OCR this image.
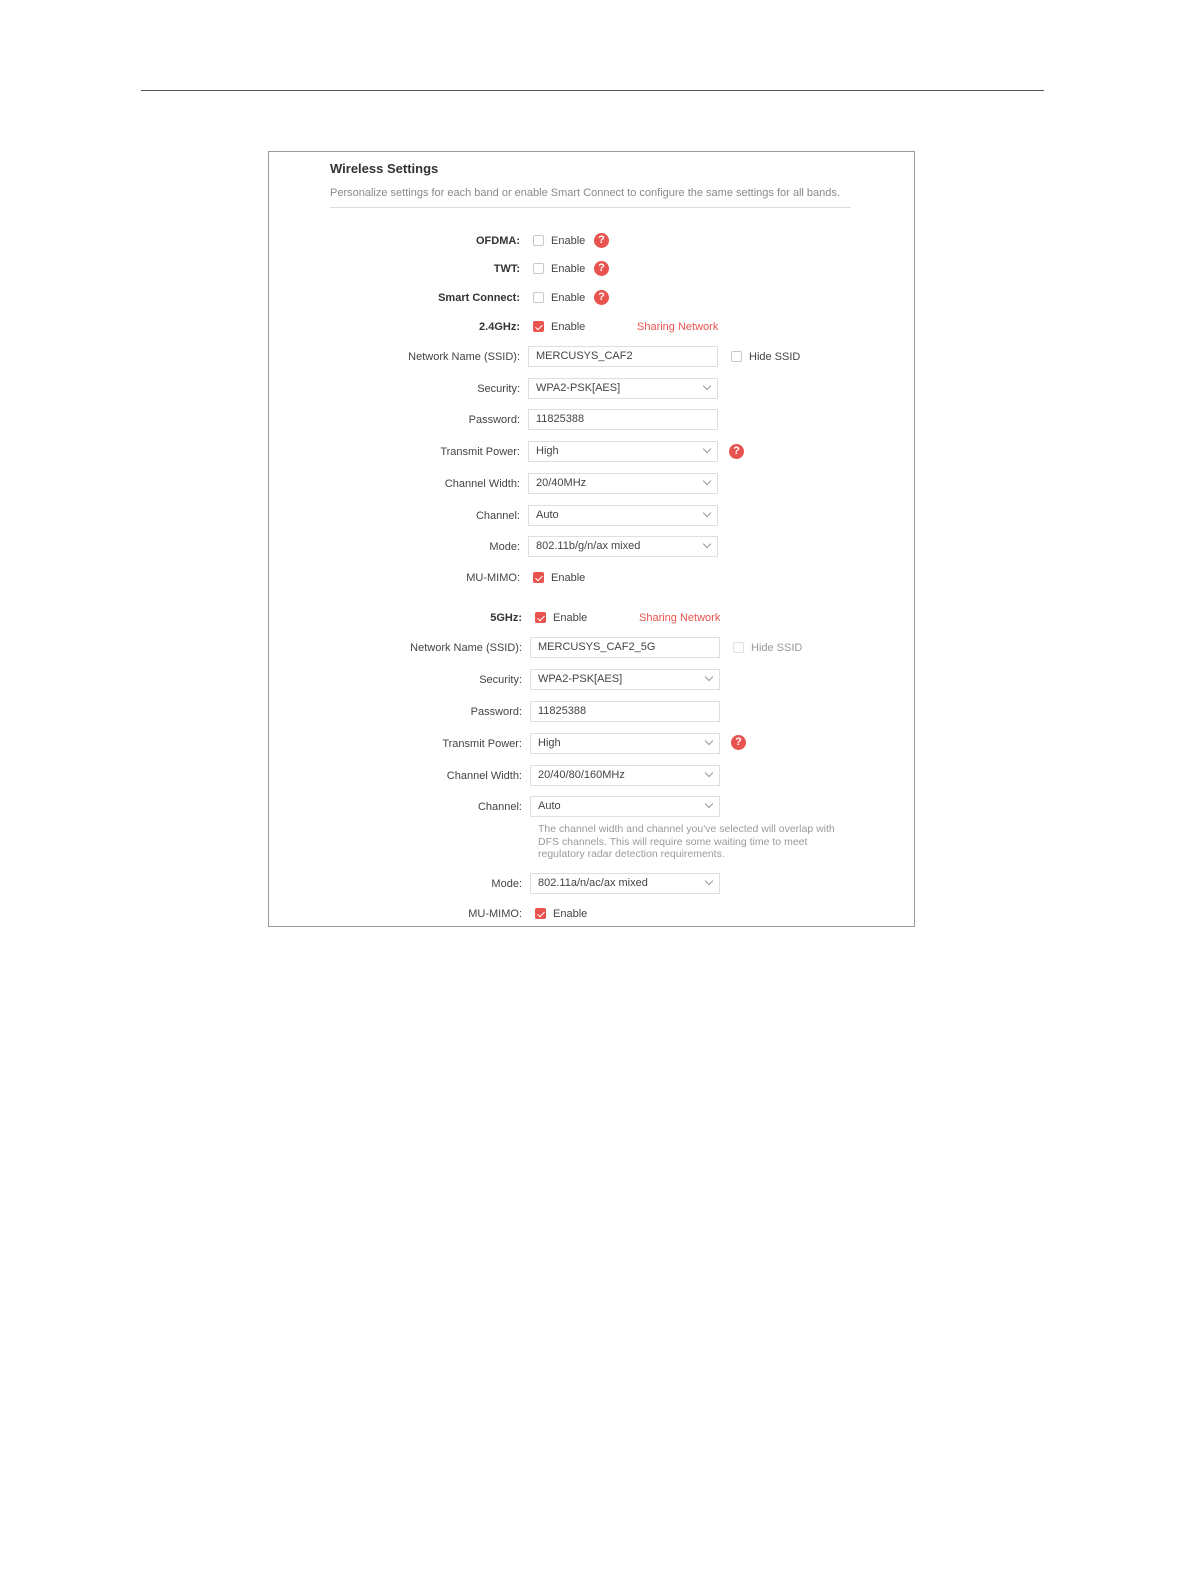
Wireless Settings
Personalize settings for each band or enable Smart Connect to configure the same settings for all bands.
OFDMA:	Enable	?
TWT:	Enable	?
Smart Connect:	Enable	?
2.4GHz:	Enable	Sharing Network
Network Name (SSID):	MERCUSYS_CAF2	Hide SSID
Security:	WPA2-PSK[AES]
Password:	11825388
Transmit Power:	High	?
Channel Width:	20/40MHz
Channel:	Auto
Mode:	802.11b/g/n/ax mixed
MU-MIMO:	Enable
5GHz:	Enable	Sharing Network
Network Name (SSID):	MERCUSYS_CAF2_5G	Hide SSID
Security:	WPA2-PSK[AES]
Password:	11825388
Transmit Power:	High	?
Channel Width:	20/40/80/160MHz
Channel:	Auto
The channel width and channel you've selected will overlap with DFS channels. This will require some waiting time to meet regulatory radar detection requirements.
Mode:	802.11a/n/ac/ax mixed
MU-MIMO:	Enable
